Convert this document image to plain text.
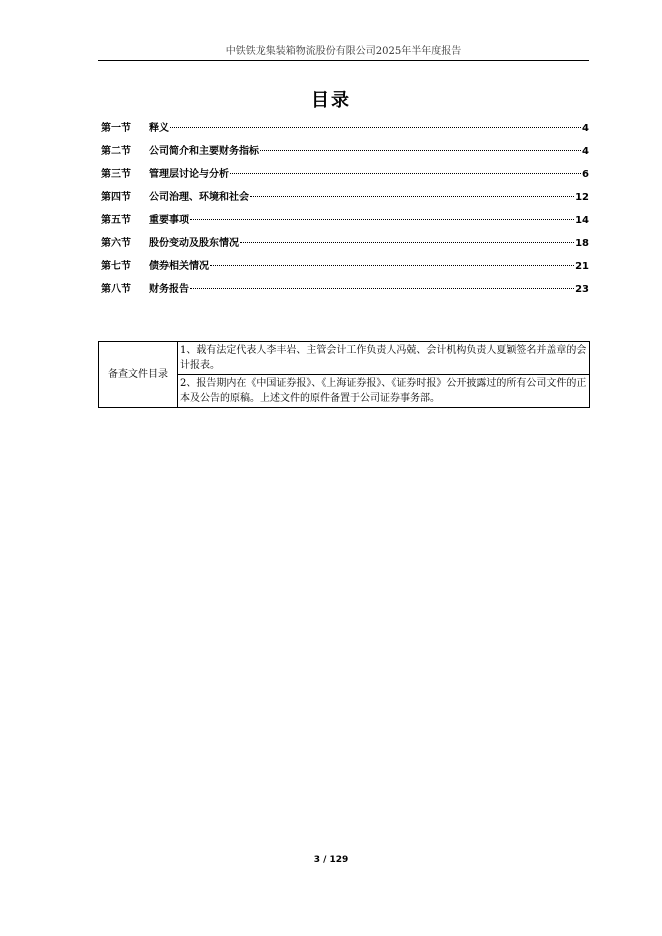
中铁铁龙集装箱物流股份有限公司2025年半年度报告
目录
第一节	释义	4
第二节	公司简介和主要财务指标	4
第三节	管理层讨论与分析	6
第四节	公司治理、环境和社会	12
第五节	重要事项	14
第六节	股份变动及股东情况	18
第七节	债券相关情况	21
第八节	财务报告	23
备查文件目录	1、载有法定代表人李丰岩、主管会计工作负责人冯兢、会计机构负责人夏颖签名并盖章的会计报表。
2、报告期内在《中国证券报》、《上海证券报》、《证券时报》公开披露过的所有公司文件的正本及公告的原稿。上述文件的原件备置于公司证券事务部。
3 / 129
